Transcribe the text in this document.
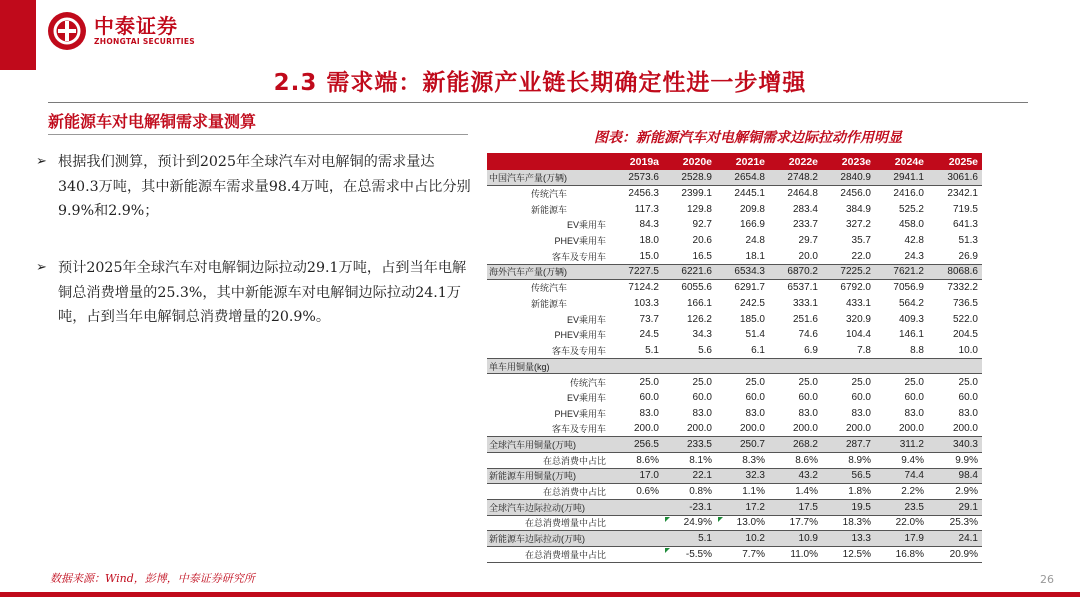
中泰证券
ZHONGTAI SECURITIES
2.3 需求端：新能源产业链长期确定性进一步增强
新能源车对电解铜需求量测算
➢ 根据我们测算，预计到2025年全球汽车对电解铜的需求量达340.3万吨，其中新能源车需求量98.4万吨，在总需求中占比分别9.9%和2.9%；
➢ 预计2025年全球汽车对电解铜边际拉动29.1万吨，占到当年电解铜总消费增量的25.3%，其中新能源车对电解铜边际拉动24.1万吨，占到当年电解铜总消费增量的20.9%。
图表：新能源汽车对电解铜需求边际拉动作用明显
	2019a	2020e	2021e	2022e	2023e	2024e	2025e
中国汽车产量(万辆)	2573.6	2528.9	2654.8	2748.2	2840.9	2941.1	3061.6
传统汽车	2456.3	2399.1	2445.1	2464.8	2456.0	2416.0	2342.1
新能源车	117.3	129.8	209.8	283.4	384.9	525.2	719.5
EV乘用车	84.3	92.7	166.9	233.7	327.2	458.0	641.3
PHEV乘用车	18.0	20.6	24.8	29.7	35.7	42.8	51.3
客车及专用车	15.0	16.5	18.1	20.0	22.0	24.3	26.9
海外汽车产量(万辆)	7227.5	6221.6	6534.3	6870.2	7225.2	7621.2	8068.6
传统汽车	7124.2	6055.6	6291.7	6537.1	6792.0	7056.9	7332.2
新能源车	103.3	166.1	242.5	333.1	433.1	564.2	736.5
EV乘用车	73.7	126.2	185.0	251.6	320.9	409.3	522.0
PHEV乘用车	24.5	34.3	51.4	74.6	104.4	146.1	204.5
客车及专用车	5.1	5.6	6.1	6.9	7.8	8.8	10.0
单车用铜量(kg)							
传统汽车	25.0	25.0	25.0	25.0	25.0	25.0	25.0
EV乘用车	60.0	60.0	60.0	60.0	60.0	60.0	60.0
PHEV乘用车	83.0	83.0	83.0	83.0	83.0	83.0	83.0
客车及专用车	200.0	200.0	200.0	200.0	200.0	200.0	200.0
全球汽车用铜量(万吨)	256.5	233.5	250.7	268.2	287.7	311.2	340.3
在总消费中占比	8.6%	8.1%	8.3%	8.6%	8.9%	9.4%	9.9%
新能源车用铜量(万吨)	17.0	22.1	32.3	43.2	56.5	74.4	98.4
在总消费中占比	0.6%	0.8%	1.1%	1.4%	1.8%	2.2%	2.9%
全球汽车边际拉动(万吨)		-23.1	17.2	17.5	19.5	23.5	29.1
在总消费增量中占比		24.9%	13.0%	17.7%	18.3%	22.0%	25.3%
新能源车边际拉动(万吨)		5.1	10.2	10.9	13.3	17.9	24.1
在总消费增量中占比		-5.5%	7.7%	11.0%	12.5%	16.8%	20.9%
数据来源：Wind，彭博，中泰证券研究所	26
